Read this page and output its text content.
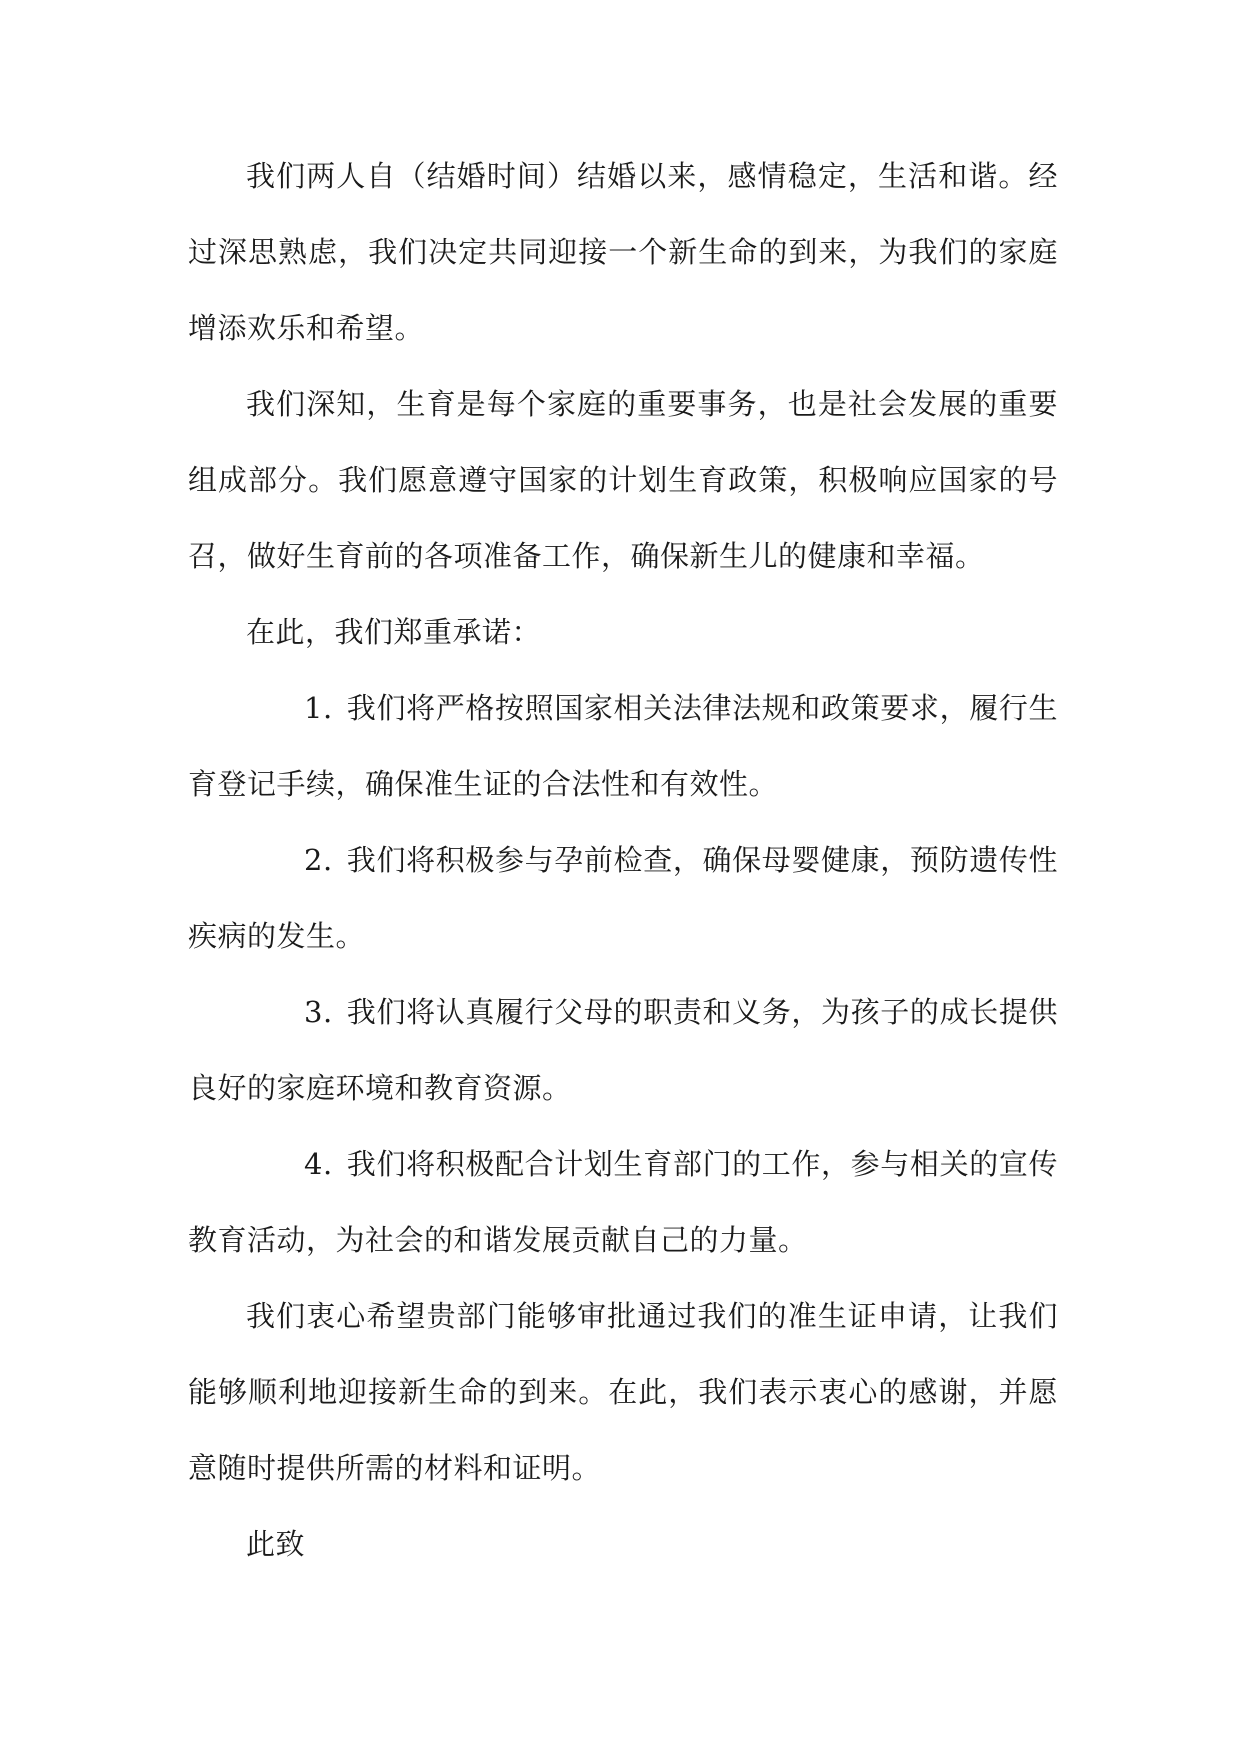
我们两人自（结婚时间）结婚以来，感情稳定，生活和谐。经过深思熟虑，我们决定共同迎接一个新生命的到来，为我们的家庭增添欢乐和希望。

我们深知，生育是每个家庭的重要事务，也是社会发展的重要组成部分。我们愿意遵守国家的计划生育政策，积极响应国家的号召，做好生育前的各项准备工作，确保新生儿的健康和幸福。

在此，我们郑重承诺：

1. 我们将严格按照国家相关法律法规和政策要求，履行生育登记手续，确保准生证的合法性和有效性。

2. 我们将积极参与孕前检查，确保母婴健康，预防遗传性疾病的发生。

3. 我们将认真履行父母的职责和义务，为孩子的成长提供良好的家庭环境和教育资源。

4. 我们将积极配合计划生育部门的工作，参与相关的宣传教育活动，为社会的和谐发展贡献自己的力量。

我们衷心希望贵部门能够审批通过我们的准生证申请，让我们能够顺利地迎接新生命的到来。在此，我们表示衷心的感谢，并愿意随时提供所需的材料和证明。

此致
